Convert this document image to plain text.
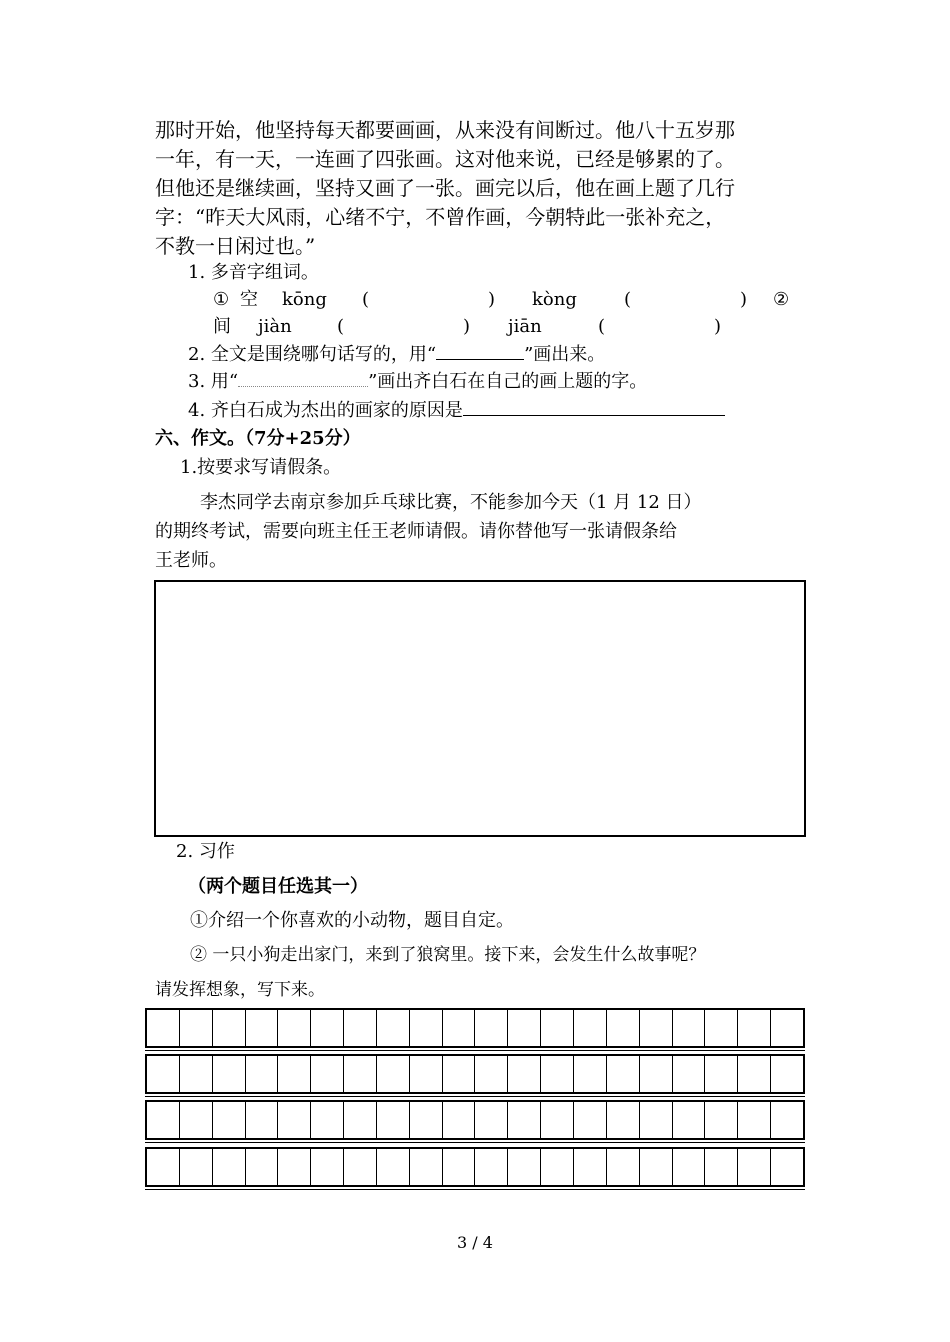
那时开始，他坚持每天都要画画，从来没有间断过。他八十五岁那
一年，有一天，一连画了四张画。这对他来说，已经是够累的了。
但他还是继续画，坚持又画了一张。画完以后，他在画上题了几行
字：“昨天大风雨，心绪不宁，不曾作画，今朝特此一张补充之，
不教一日闲过也。”
1. 多音字组词。
① 空 kōng (	) kòng	(	) ②
间 jiàn	(	) jiān	(	)
2. 全文是围绕哪句话写的，用“	”画出来。
3. 用“	”画出齐白石在自己的画上题的字。
4. 齐白石成为杰出的画家的原因是
六、作文。（7分+25分）
1.按要求写请假条。
李杰同学去南京参加乒乓球比赛，不能参加今天（1 月 12 日）
的期终考试，需要向班主任王老师请假。请你替他写一张请假条给
王老师。
2. 习作
（两个题目任选其一）
①介绍一个你喜欢的小动物，题目自定。
② 一只小狗走出家门，来到了狼窝里。接下来，会发生什么故事呢？
请发挥想象，写下来。
3 / 4
